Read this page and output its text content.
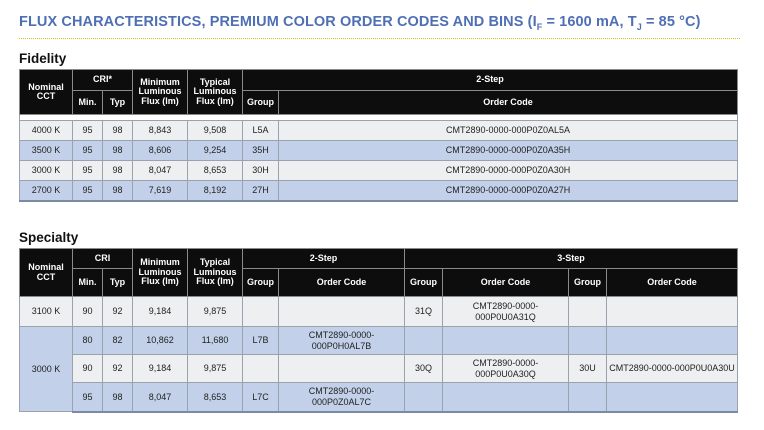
FLUX CHARACTERISTICS, PREMIUM COLOR ORDER CODES AND BINS ($I_F = 1600$ mA, $T_J = 85$ °C)
Fidelity
Nominal CCT	CRI*		Minimum Luminous Flux (lm)	Typical Luminous Flux (lm)	2-Step	
	Min.	Typ			Group	Order Code

4000 K	95	98	8,843	9,508	L5A	CMT2890-0000-000P0Z0AL5A
3500 K	95	98	8,606	9,254	35H	CMT2890-0000-000P0Z0A35H
3000 K	95	98	8,047	8,653	30H	CMT2890-0000-000P0Z0A30H
2700 K	95	98	7,619	8,192	27H	CMT2890-0000-000P0Z0A27H
Specialty
Nominal CCT	CRI		Minimum Luminous Flux (lm)	Typical Luminous Flux (lm)	2-Step		3-Step			
	Min.	Typ			Group	Order Code	Group	Order Code	Group	Order Code
3100 K	90	92	9,184	9,875			31Q	CMT2890-0000-000P0U0A31Q		
3000 K	80	82	10,862	11,680	L7B	CMT2890-0000-000P0H0AL7B				
	90	92	9,184	9,875			30Q	CMT2890-0000-000P0U0A30Q	30U	CMT2890-0000-000P0U0A30U
	95	98	8,047	8,653	L7C	CMT2890-0000-000P0Z0AL7C				
